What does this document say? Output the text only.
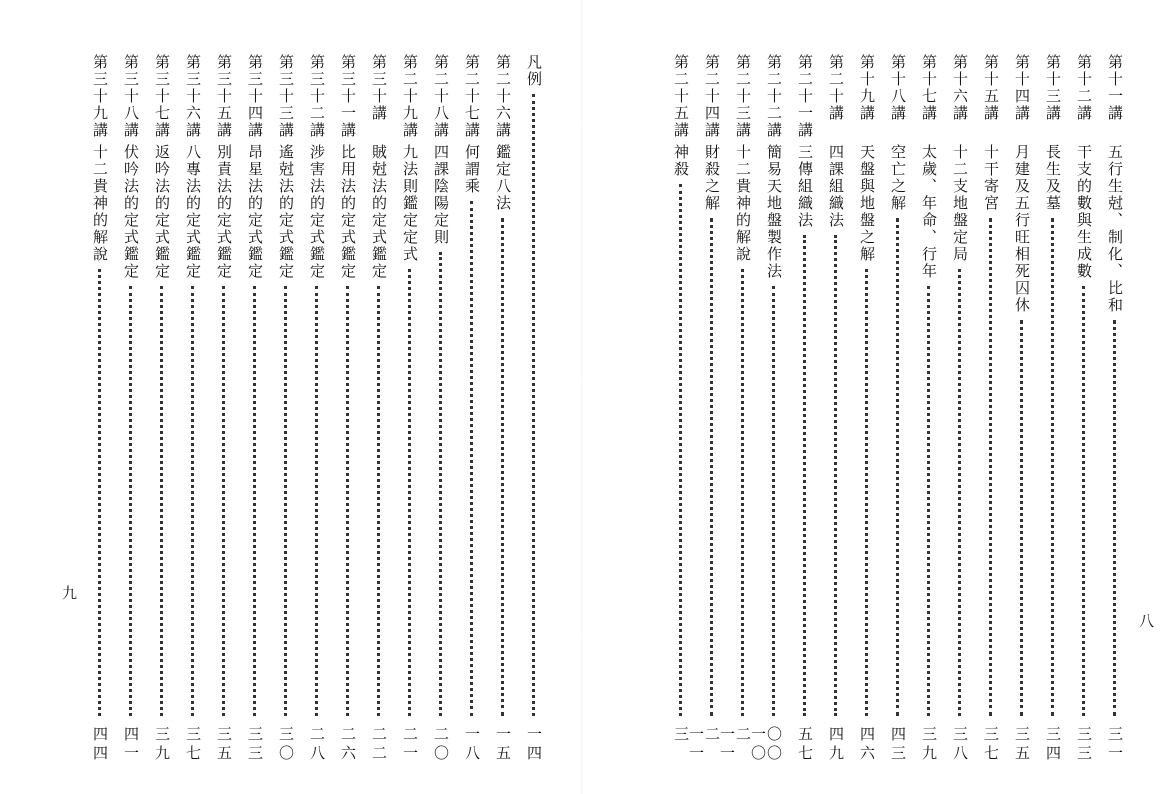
凡例
一四
第二十六講
鑑定八法
一五
第二十七講
何謂乘
一八
第二十八講
四課陰陽定則
二〇
第二十九講
九法則鑑定定式
二一
第三十講
賊尅法的定式鑑定
二二
第三十一講
比用法的定式鑑定
二六
第三十二講
涉害法的定式鑑定
二八
第三十三講
遙尅法的定式鑑定
三〇
第三十四講
昂星法的定式鑑定
三三
第三十五講
別責法的定式鑑定
三五
第三十六講
八專法的定式鑑定
三七
第三十七講
返吟法的定式鑑定
三九
第三十八講
伏吟法的定式鑑定
四一
第三十九講
十二貴神的解說
四四
九
第十一講
五行生尅、制化、比和
三一
第十二講
干支的數與生成數
三三
第十三講
長生及墓
三四
第十四講
月建及五行旺相死囚休
三五
第十五講
十干寄宮
三七
第十六講
十二支地盤定局
三八
第十七講
太歲、年命、行年
三九
第十八講
空亡之解
四三
第十九講
天盤與地盤之解
四六
第二十講
四課組織法
四九
第二十一講
三傳組織法
五七
第二十二講
簡易天地盤製作法
〇〇
第二十三講
十二貴神的解說
一〇二
第二十四講
財殺之解
一一二
第二十五講
神殺
一一三
八
